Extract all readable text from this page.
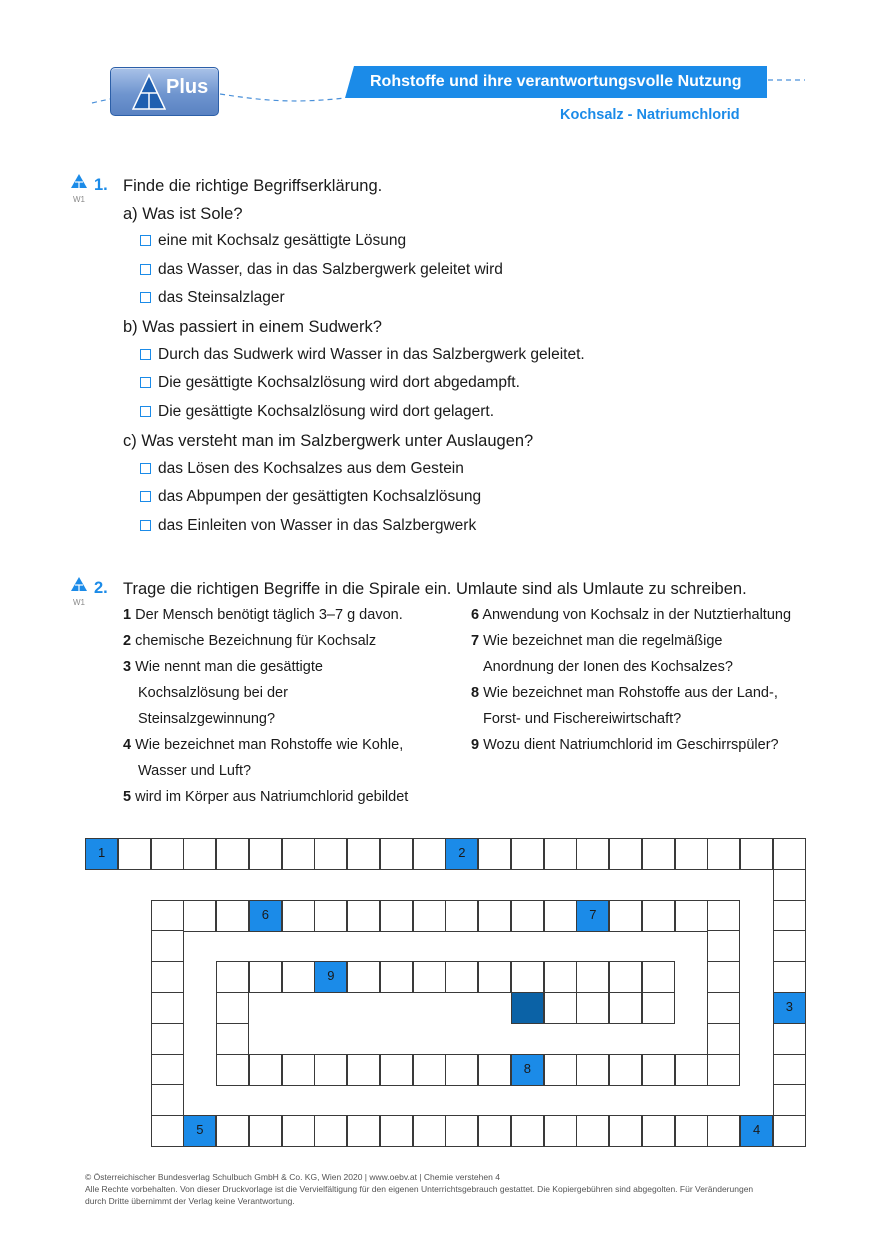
Plus	Rohstoffe und ihre verantwortungsvolle Nutzung
Kochsalz - Natriumchlorid
W1
1. Finde die richtige Begriffserklärung.
a) Was ist Sole?
eine mit Kochsalz gesättigte Lösung
das Wasser, das in das Salzbergwerk geleitet wird
das Steinsalzlager
b) Was passiert in einem Sudwerk?
Durch das Sudwerk wird Wasser in das Salzbergwerk geleitet.
Die gesättigte Kochsalzlösung wird dort abgedampft.
Die gesättigte Kochsalzlösung wird dort gelagert.
c) Was versteht man im Salzbergwerk unter Auslaugen?
das Lösen des Kochsalzes aus dem Gestein
das Abpumpen der gesättigten Kochsalzlösung
das Einleiten von Wasser in das Salzbergwerk
W1
2. Trage die richtigen Begriffe in die Spirale ein. Umlaute sind als Umlaute zu schreiben.
1 Der Mensch benötigt täglich 3–7 g davon.
2 chemische Bezeichnung für Kochsalz
3 Wie nennt man die gesättigte
Kochsalzlösung bei der
Steinsalzgewinnung?
4 Wie bezeichnet man Rohstoffe wie Kohle,
Wasser und Luft?
5 wird im Körper aus Natriumchlorid gebildet
6 Anwendung von Kochsalz in der Nutztierhaltung
7 Wie bezeichnet man die regelmäßige
Anordnung der Ionen des Kochsalzes?
8 Wie bezeichnet man Rohstoffe aus der Land-,
Forst- und Fischereiwirtschaft?
9 Wozu dient Natriumchlorid im Geschirrspüler?
1	2
3
5	4
6	7
8
9
© Österreichischer Bundesverlag Schulbuch GmbH & Co. KG, Wien 2020 | www.oebv.at | Chemie verstehen 4
Alle Rechte vorbehalten. Von dieser Druckvorlage ist die Vervielfältigung für den eigenen Unterrichtsgebrauch gestattet. Die Kopiergebühren sind abgegolten. Für Veränderungen
durch Dritte übernimmt der Verlag keine Verantwortung.
